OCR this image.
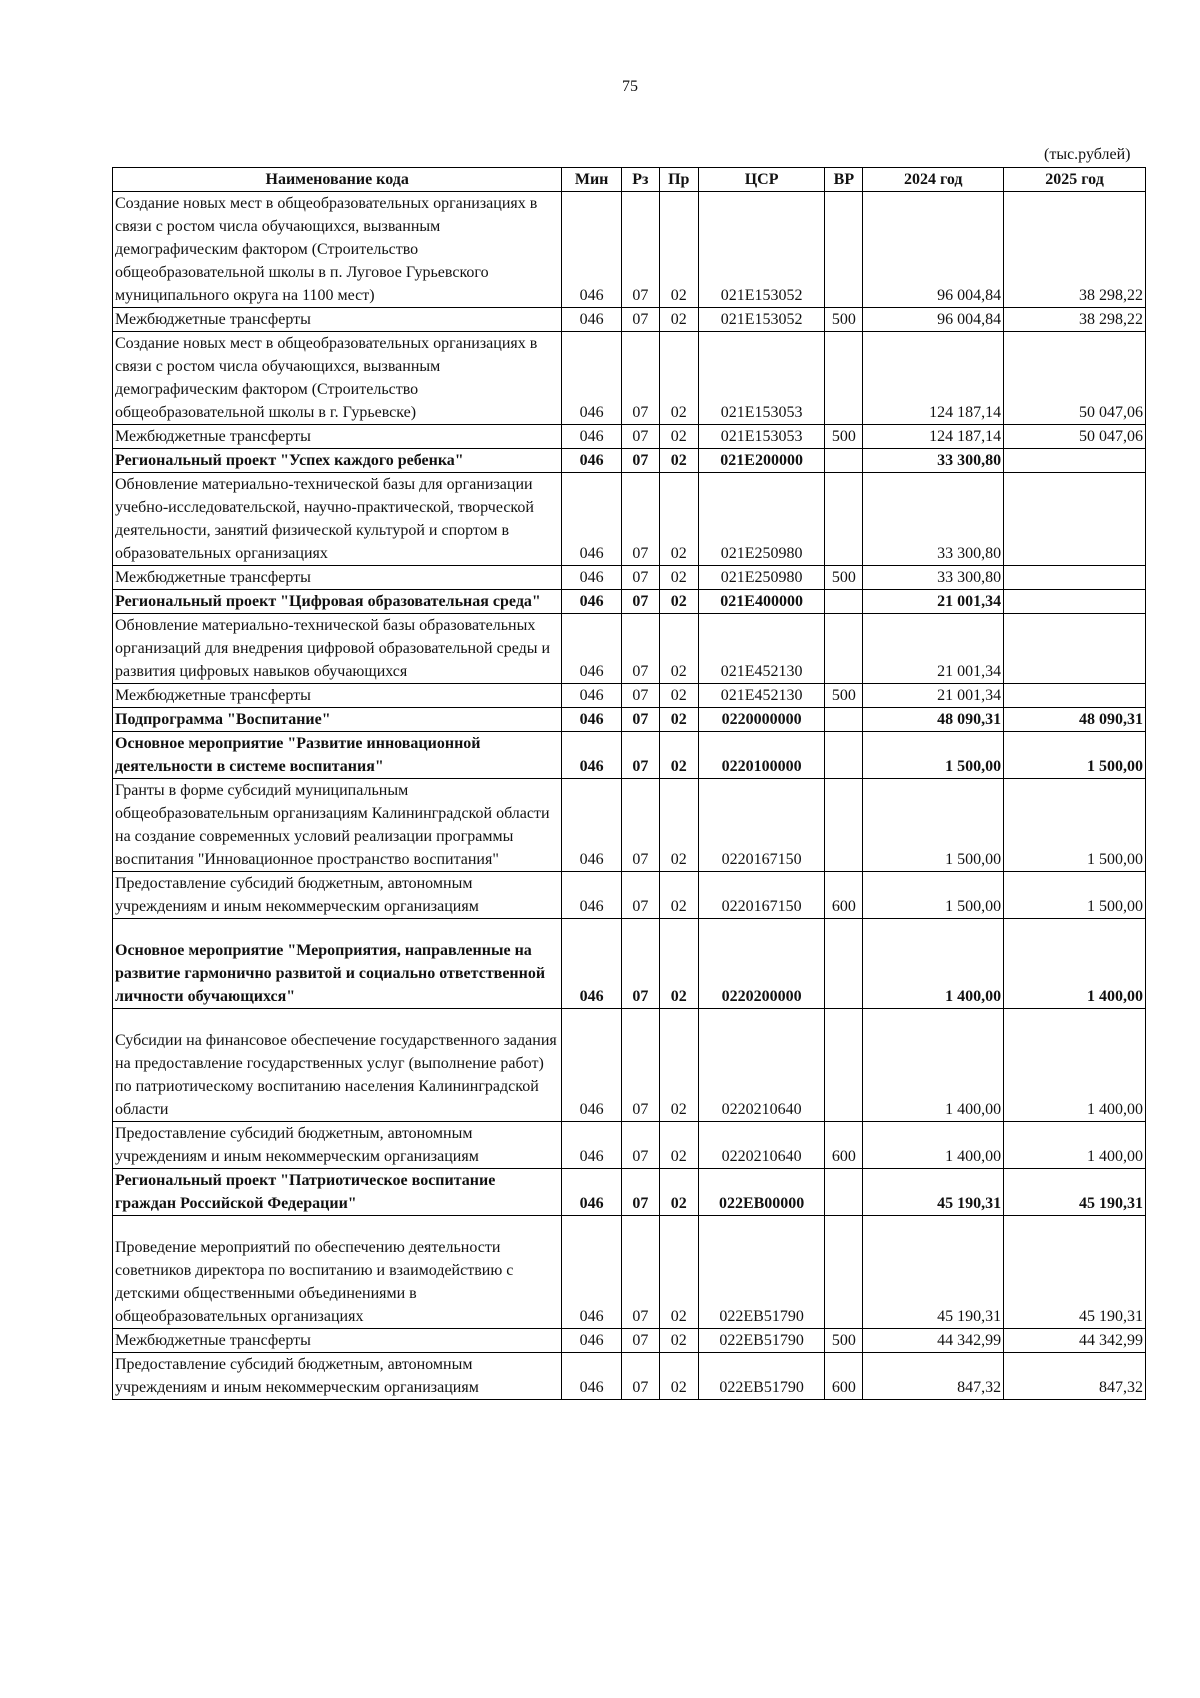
75
(тыс.рублей)
Наименование кода	Мин	Рз	Пр	ЦСР	ВР	2024 год	2025 год
Создание новых мест в общеобразовательных организациях в связи с ростом числа обучающихся, вызванным демографическим фактором (Строительство общеобразовательной школы в п. Луговое Гурьевского муниципального округа на 1100 мест)	046	07	02	021E153052		96 004,84	38 298,22
Межбюджетные трансферты	046	07	02	021E153052	500	96 004,84	38 298,22
Создание новых мест в общеобразовательных организациях в связи с ростом числа обучающихся, вызванным демографическим фактором (Строительство общеобразовательной школы в г. Гурьевске)	046	07	02	021E153053		124 187,14	50 047,06
Межбюджетные трансферты	046	07	02	021E153053	500	124 187,14	50 047,06
Региональный проект "Успех каждого ребенка"	046	07	02	021E200000		33 300,80	
Обновление материально-технической базы для организации учебно-исследовательской, научно-практической, творческой деятельности, занятий физической культурой и спортом в образовательных организациях	046	07	02	021E250980		33 300,80	
Межбюджетные трансферты	046	07	02	021E250980	500	33 300,80	
Региональный проект "Цифровая образовательная среда"	046	07	02	021E400000		21 001,34	
Обновление материально-технической базы образовательных организаций для внедрения цифровой образовательной среды и развития цифровых навыков обучающихся	046	07	02	021E452130		21 001,34	
Межбюджетные трансферты	046	07	02	021E452130	500	21 001,34	
Подпрограмма "Воспитание"	046	07	02	0220000000		48 090,31	48 090,31
Основное мероприятие "Развитие инновационной деятельности в системе воспитания"	046	07	02	0220100000		1 500,00	1 500,00
Гранты в форме субсидий муниципальным общеобразовательным организациям Калининградской области на создание современных условий реализации программы воспитания "Инновационное пространство воспитания"	046	07	02	0220167150		1 500,00	1 500,00
Предоставление субсидий бюджетным, автономным учреждениям и иным некоммерческим организациям	046	07	02	0220167150	600	1 500,00	1 500,00
Основное мероприятие "Мероприятия, направленные на развитие гармонично развитой и социально ответственной личности обучающихся"	046	07	02	0220200000		1 400,00	1 400,00
Субсидии на финансовое обеспечение государственного задания на предоставление государственных услуг (выполнение работ) по патриотическому воспитанию населения Калининградской области	046	07	02	0220210640		1 400,00	1 400,00
Предоставление субсидий бюджетным, автономным учреждениям и иным некоммерческим организациям	046	07	02	0220210640	600	1 400,00	1 400,00
Региональный проект "Патриотическое воспитание граждан Российской Федерации"	046	07	02	022EB00000		45 190,31	45 190,31
Проведение мероприятий по обеспечению деятельности советников директора по воспитанию и взаимодействию с детскими общественными объединениями в общеобразовательных организациях	046	07	02	022EB51790		45 190,31	45 190,31
Межбюджетные трансферты	046	07	02	022EB51790	500	44 342,99	44 342,99
Предоставление субсидий бюджетным, автономным учреждениям и иным некоммерческим организациям	046	07	02	022EB51790	600	847,32	847,32
